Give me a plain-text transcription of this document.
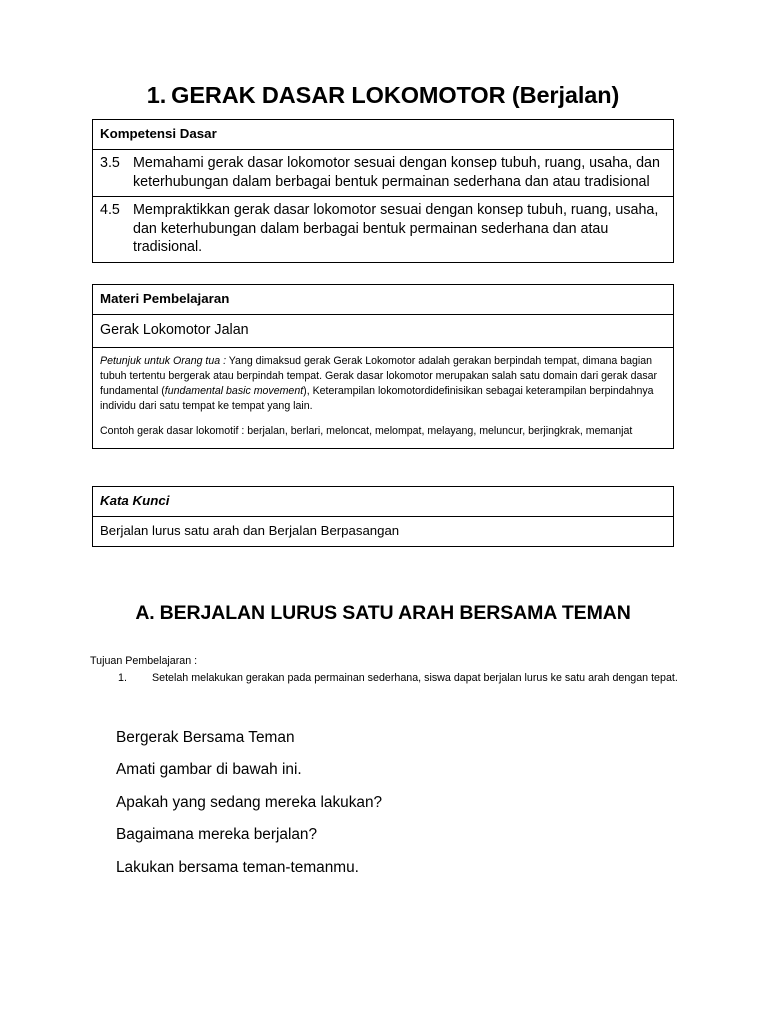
1. GERAK DASAR LOKOMOTOR (Berjalan)
Kompetensi Dasar
3.5 Memahami gerak dasar lokomotor sesuai dengan konsep tubuh, ruang, usaha, dan keterhubungan dalam berbagai bentuk permainan sederhana dan atau tradisional
4.5 Mempraktikkan gerak dasar lokomotor sesuai dengan konsep tubuh, ruang, usaha, dan keterhubungan dalam berbagai bentuk permainan sederhana dan atau tradisional.
Materi Pembelajaran
Gerak Lokomotor Jalan

Petunjuk untuk Orang tua : Yang dimaksud gerak Gerak Lokomotor adalah gerakan berpindah tempat, dimana bagian tubuh tertentu bergerak atau berpindah tempat. Gerak dasar lokomotor merupakan salah satu domain dari gerak dasar fundamental (fundamental basic movement), Keterampilan lokomotordidefinisikan sebagai keterampilan berpindahnya individu dari satu tempat ke tempat yang lain.

Contoh gerak dasar lokomotif : berjalan, berlari, meloncat, melompat, melayang, meluncur, berjingkrak, memanjat

Kata Kunci
Berjalan lurus satu arah dan Berjalan Berpasangan
A. BERJALAN LURUS SATU ARAH BERSAMA TEMAN
Tujuan Pembelajaran :
1. Setelah melakukan gerakan pada permainan sederhana, siswa dapat berjalan lurus ke satu arah dengan tepat.
Bergerak Bersama Teman
Amati gambar di bawah ini.
Apakah yang sedang mereka lakukan?
Bagaimana mereka berjalan?
Lakukan bersama teman-temanmu.
